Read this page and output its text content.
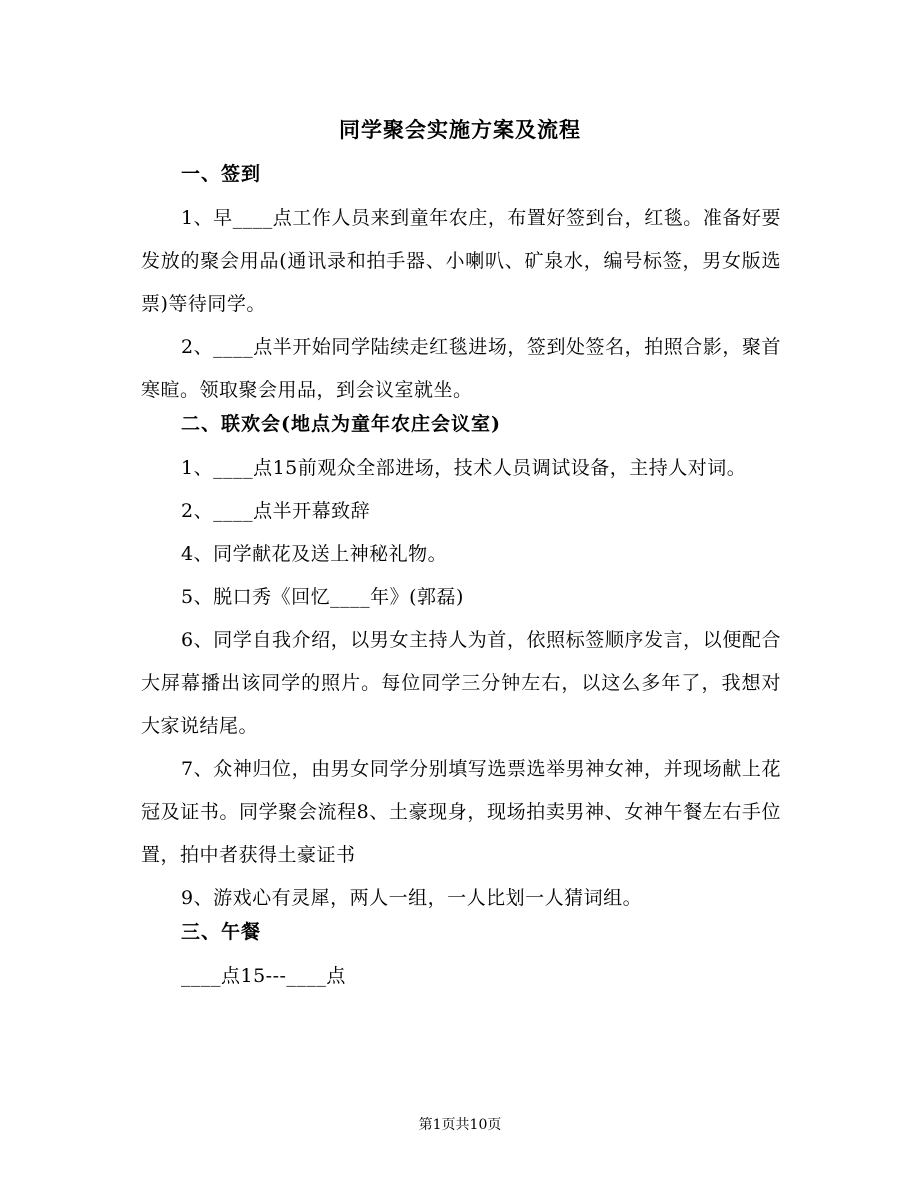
同学聚会实施方案及流程
一、签到
1、早____点工作人员来到童年农庄，布置好签到台，红毯。准备好要发放的聚会用品(通讯录和拍手器、小喇叭、矿泉水，编号标签，男女版选票)等待同学。
2、____点半开始同学陆续走红毯进场，签到处签名，拍照合影，聚首寒暄。领取聚会用品，到会议室就坐。
二、联欢会(地点为童年农庄会议室)
1、____点15前观众全部进场，技术人员调试设备，主持人对词。
2、____点半开幕致辞
4、同学献花及送上神秘礼物。
5、脱口秀《回忆____年》(郭磊)
6、同学自我介绍，以男女主持人为首，依照标签顺序发言，以便配合大屏幕播出该同学的照片。每位同学三分钟左右，以这么多年了，我想对大家说结尾。
7、众神归位，由男女同学分别填写选票选举男神女神，并现场献上花冠及证书。同学聚会流程8、土豪现身，现场拍卖男神、女神午餐左右手位置，拍中者获得土豪证书
9、游戏心有灵犀，两人一组，一人比划一人猜词组。
三、午餐
____点15---____点
第1页共10页
